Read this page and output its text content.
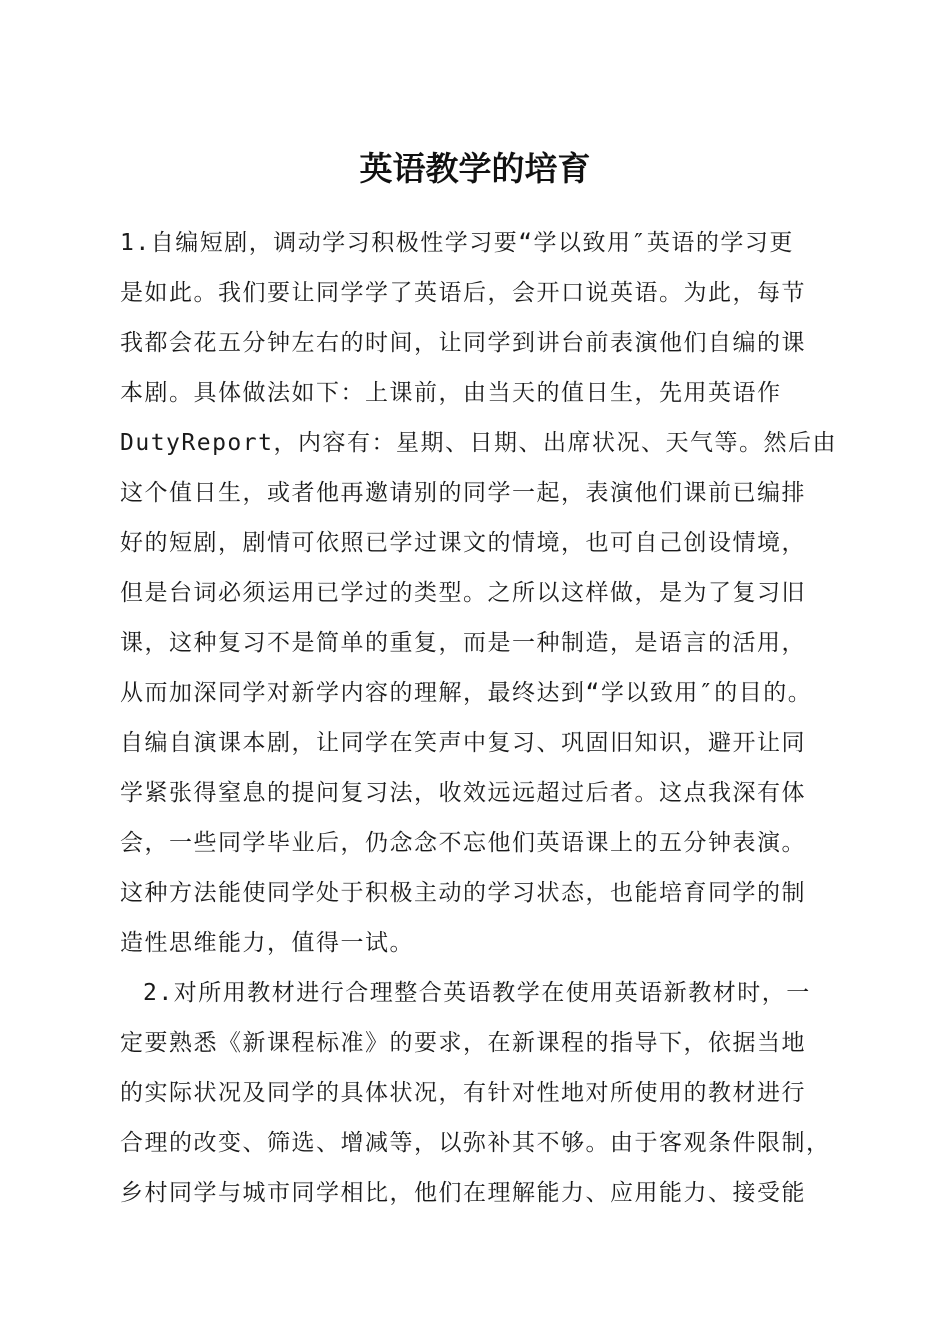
英语教学的培育
1.自编短剧，调动学习积极性学习要“学以致用″英语的学习更
是如此。我们要让同学学了英语后，会开口说英语。为此，每节
我都会花五分钟左右的时间，让同学到讲台前表演他们自编的课
本剧。具体做法如下：上课前，由当天的值日生，先用英语作
DutyReport，内容有：星期、日期、出席状况、天气等。然后由
这个值日生，或者他再邀请别的同学一起，表演他们课前已编排
好的短剧，剧情可依照已学过课文的情境，也可自己创设情境，
但是台词必须运用已学过的类型。之所以这样做，是为了复习旧
课，这种复习不是简单的重复，而是一种制造，是语言的活用，
从而加深同学对新学内容的理解，最终达到“学以致用″的目的。
自编自演课本剧，让同学在笑声中复习、巩固旧知识，避开让同
学紧张得窒息的提问复习法，收效远远超过后者。这点我深有体
会，一些同学毕业后，仍念念不忘他们英语课上的五分钟表演。
这种方法能使同学处于积极主动的学习状态，也能培育同学的制
造性思维能力，值得一试。
2.对所用教材进行合理整合英语教学在使用英语新教材时，一
定要熟悉《新课程标准》的要求，在新课程的指导下，依据当地
的实际状况及同学的具体状况，有针对性地对所使用的教材进行
合理的改变、筛选、增减等，以弥补其不够。由于客观条件限制，
乡村同学与城市同学相比，他们在理解能力、应用能力、接受能
